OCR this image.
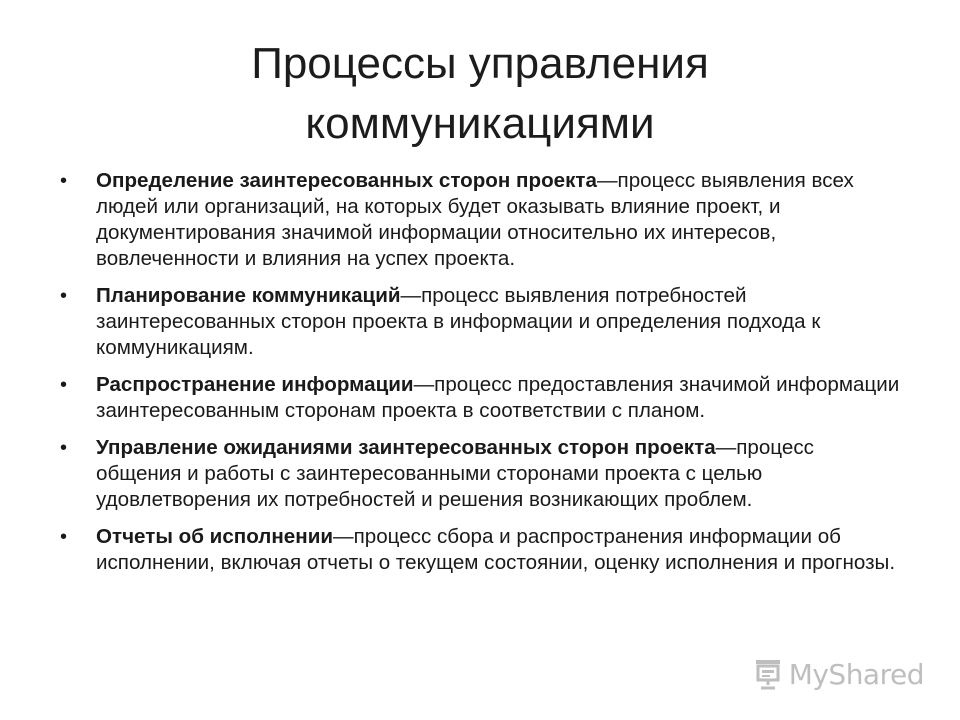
Процессы управления
коммуникациями
•	Определение заинтересованных сторон проекта—процесс выявления всех людей или организаций, на которых будет оказывать влияние проект, и документирования значимой информации относительно их интересов, вовлеченности и влияния на успех проекта.
•	Планирование коммуникаций—процесс выявления потребностей заинтересованных сторон проекта в информации и определения подхода к коммуникациям.
•	Распространение информации—процесс предоставления значимой информации заинтересованным сторонам проекта в соответствии с планом.
•	Управление ожиданиями заинтересованных сторон проекта—процесс общения и работы с заинтересованными сторонами проекта с целью удовлетворения их потребностей и решения возникающих проблем.
•	Отчеты об исполнении—процесс сбора и распространения информации об исполнении, включая отчеты о текущем состоянии, оценку исполнения и прогнозы.
MyShared
